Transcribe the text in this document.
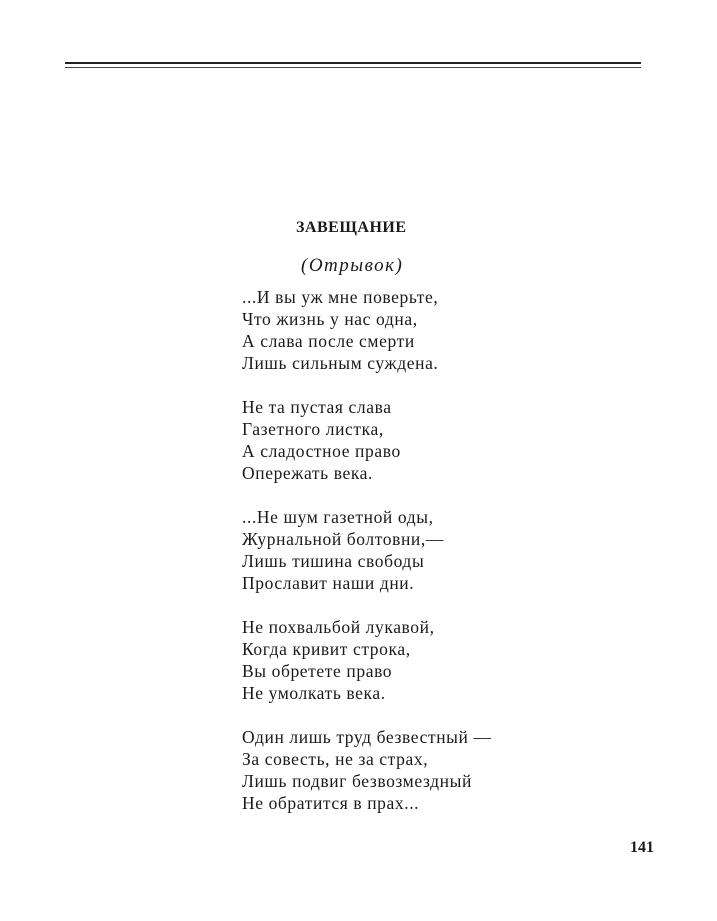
ЗАВЕЩАНИЕ
(Отрывок)
...И вы уж мне поверьте,
Что жизнь у нас одна,
А слава после смерти
Лишь сильным суждена.
Не та пустая слава
Газетного листка,
А сладостное право
Опережать века.
...Не шум газетной оды,
Журнальной болтовни,—
Лишь тишина свободы
Прославит наши дни.
Не похвальбой лукавой,
Когда кривит строка,
Вы обретете право
Не умолкать века.
Один лишь труд безвестный —
За совесть, не за страх,
Лишь подвиг безвозмездный
Не обратится в прах...
141
